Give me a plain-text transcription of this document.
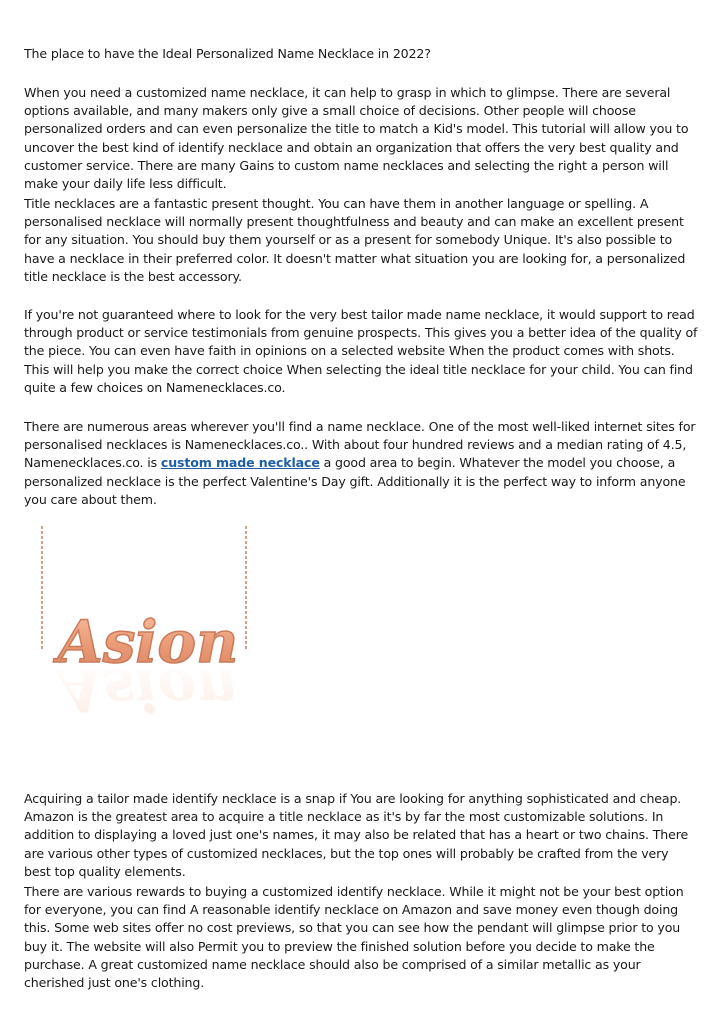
The place to have the Ideal Personalized Name Necklace in 2022?

When you need a customized name necklace, it can help to grasp in which to glimpse. There are several options available, and many makers only give a small choice of decisions. Other people will choose personalized orders and can even personalize the title to match a Kid's model. This tutorial will allow you to uncover the best kind of identify necklace and obtain an organization that offers the very best quality and customer service. There are many Gains to custom name necklaces and selecting the right a person will make your daily life less difficult.

Title necklaces are a fantastic present thought. You can have them in another language or spelling. A personalised necklace will normally present thoughtfulness and beauty and can make an excellent present for any situation. You should buy them yourself or as a present for somebody Unique. It's also possible to have a necklace in their preferred color. It doesn't matter what situation you are looking for, a personalized title necklace is the best accessory.

If you're not guaranteed where to look for the very best tailor made name necklace, it would support to read through product or service testimonials from genuine prospects. This gives you a better idea of the quality of the piece. You can even have faith in opinions on a selected website When the product comes with shots. This will help you make the correct choice When selecting the ideal title necklace for your child. You can find quite a few choices on Namenecklaces.co.

There are numerous areas wherever you'll find a name necklace. One of the most well-liked internet sites for personalised necklaces is Namenecklaces.co.. With about four hundred reviews and a median rating of 4.5, Namenecklaces.co. is custom made necklace a good area to begin. Whatever the model you choose, a personalized necklace is the perfect Valentine's Day gift. Additionally it is the perfect way to inform anyone you care about them.

Asion
Asion

Acquiring a tailor made identify necklace is a snap if You are looking for anything sophisticated and cheap. Amazon is the greatest area to acquire a title necklace as it's by far the most customizable solutions. In addition to displaying a loved just one's names, it may also be related that has a heart or two chains. There are various other types of customized necklaces, but the top ones will probably be crafted from the very best top quality elements.

There are various rewards to buying a customized identify necklace. While it might not be your best option for everyone, you can find A reasonable identify necklace on Amazon and save money even though doing this. Some web sites offer no cost previews, so that you can see how the pendant will glimpse prior to you buy it. The website will also Permit you to preview the finished solution before you decide to make the purchase. A great customized name necklace should also be comprised of a similar metallic as your cherished just one's clothing.
